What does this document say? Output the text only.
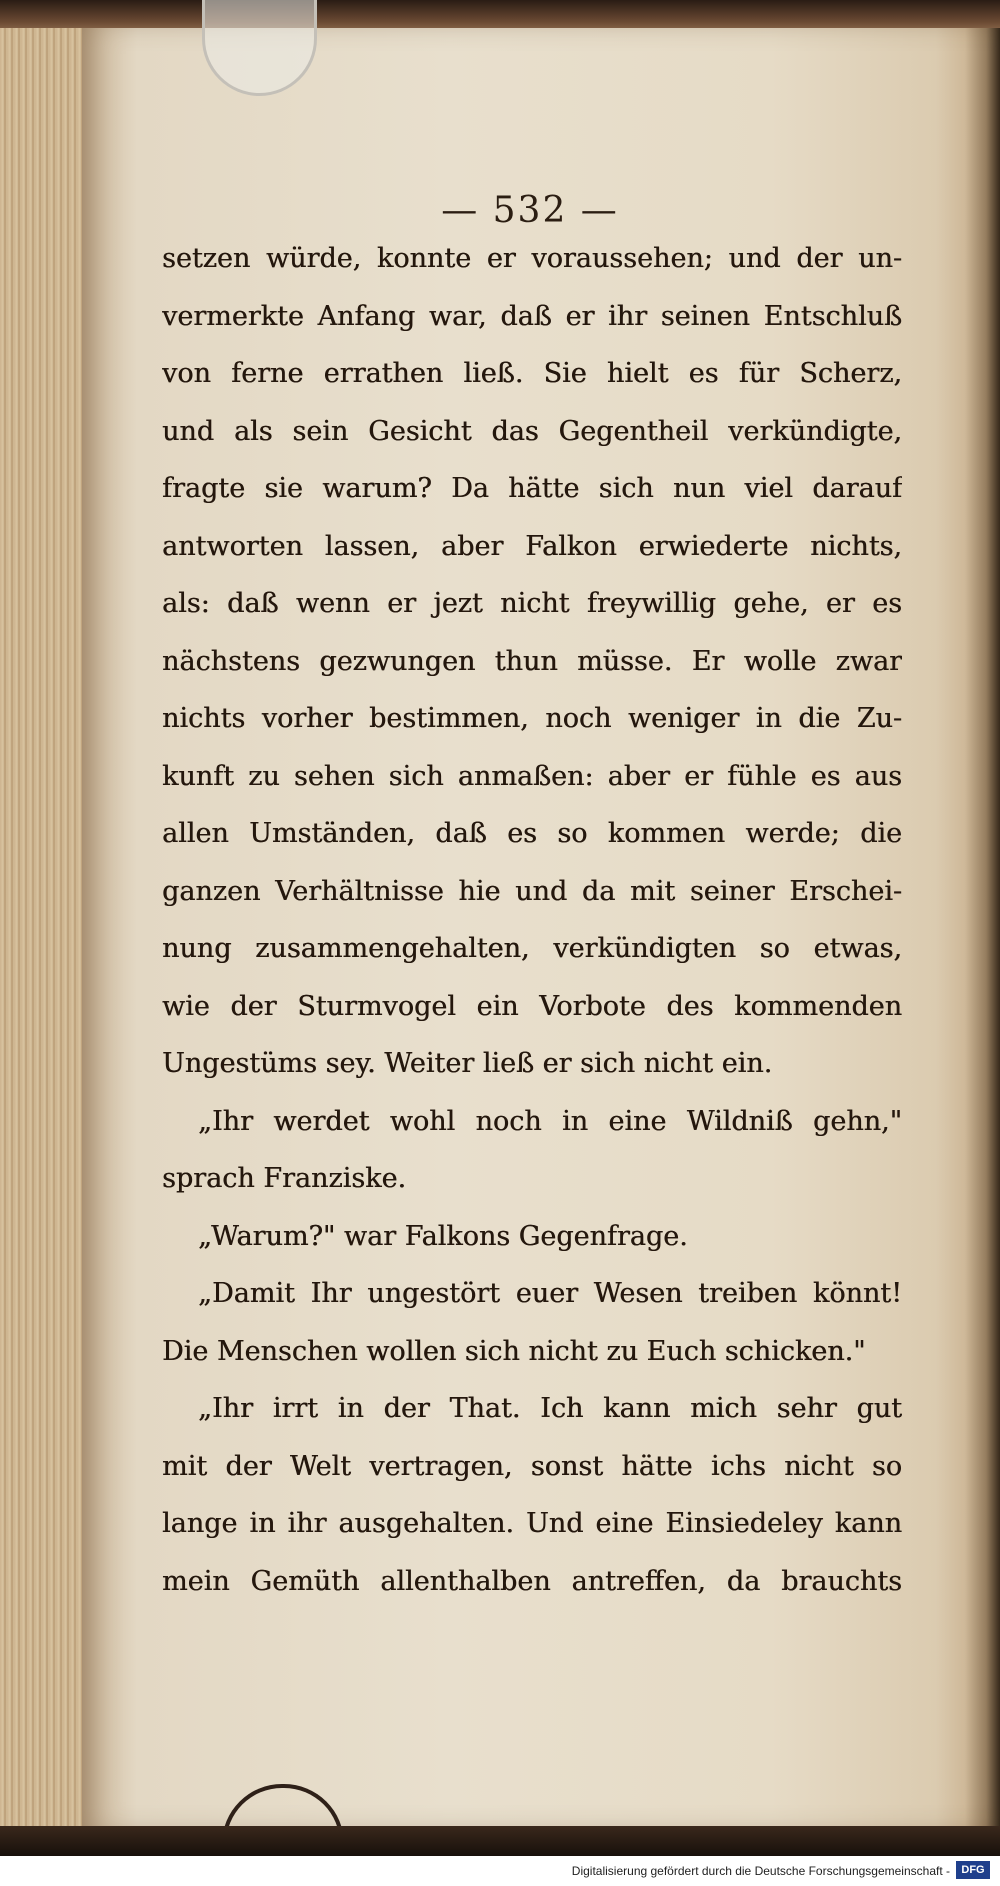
— 532 —
setzen würde, konnte er voraussehen; und der un-
vermerkte Anfang war, daß er ihr seinen Entschluß
von ferne errathen ließ. Sie hielt es für Scherz,
und als sein Gesicht das Gegentheil verkündigte,
fragte sie warum? Da hätte sich nun viel darauf
antworten lassen, aber Falkon erwiederte nichts,
als: daß wenn er jezt nicht freywillig gehe, er es
nächstens gezwungen thun müsse. Er wolle zwar
nichts vorher bestimmen, noch weniger in die Zu-
kunft zu sehen sich anmaßen: aber er fühle es aus
allen Umständen, daß es so kommen werde; die
ganzen Verhältnisse hie und da mit seiner Erschei-
nung zusammengehalten, verkündigten so etwas,
wie der Sturmvogel ein Vorbote des kommenden
Ungestüms sey. Weiter ließ er sich nicht ein.
„Ihr werdet wohl noch in eine Wildniß gehn,"
sprach Franziske.
„Warum?" war Falkons Gegenfrage.
„Damit Ihr ungestört euer Wesen treiben könnt!
Die Menschen wollen sich nicht zu Euch schicken."
„Ihr irrt in der That. Ich kann mich sehr gut
mit der Welt vertragen, sonst hätte ichs nicht so
lange in ihr ausgehalten. Und eine Einsiedeley kann
mein Gemüth allenthalben antreffen, da brauchts
Digitalisierung gefördert durch die Deutsche Forschungsgemeinschaft -	DFG
